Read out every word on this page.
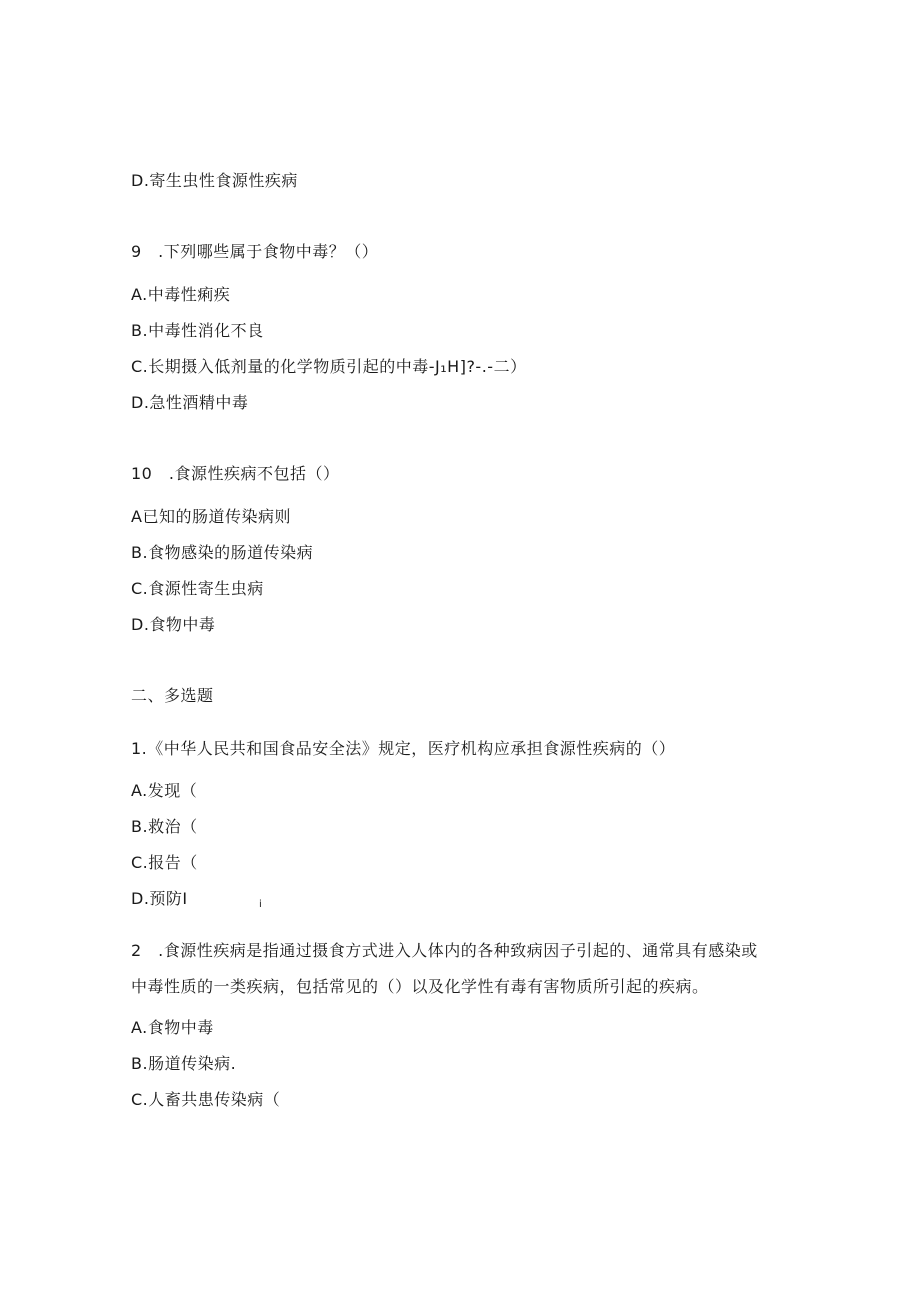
D.寄生虫性食源性疾病
9　.下列哪些属于食物中毒？（）
A.中毒性痢疾
B.中毒性消化不良
C.长期摄入低剂量的化学物质引起的中毒-J₁H]?-.-二）
D.急性酒精中毒
10　.食源性疾病不包括（）
A已知的肠道传染病则
B.食物感染的肠道传染病
C.食源性寄生虫病
D.食物中毒
二、多选题
1.《中华人民共和国食品安全法》规定，医疗机构应承担食源性疾病的（）
A.发现（
B.救治（
C.报告（
D.预防I	i
2　.食源性疾病是指通过摄食方式进入人体内的各种致病因子引起的、通常具有感染或
中毒性质的一类疾病，包括常见的（）以及化学性有毒有害物质所引起的疾病。
A.食物中毒
B.肠道传染病.
C.人畜共患传染病（
